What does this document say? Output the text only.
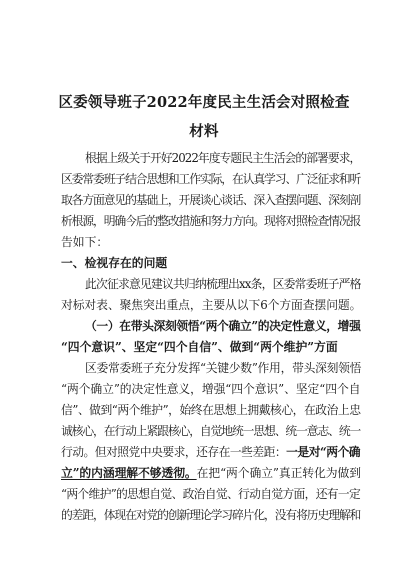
区委领导班子2022年度民主生活会对照检查
材料
根据上级关于开好2022年度专题民主生活会的部署要求，
区委常委班子结合思想和工作实际，在认真学习、广泛征求和听
取各方面意见的基础上，开展谈心谈话、深入查摆问题、深刻剖
析根源，明确今后的整改措施和努力方向。现将对照检查情况报
告如下：
一、检视存在的问题
此次征求意见建议共归纳梳理出xx条，区委常委班子严格
对标对表、聚焦突出重点，主要从以下6个方面查摆问题。
（一）在带头深刻领悟“两个确立”的决定性意义，增强
“四个意识”、坚定“四个自信”、做到“两个维护”方面
区委常委班子充分发挥“关键少数”作用，带头深刻领悟
“两个确立”的决定性意义，增强“四个意识”、坚定“四个自
信”、做到“两个维护”，始终在思想上拥戴核心，在政治上忠
诚核心，在行动上紧跟核心，自觉地统一思想、统一意志、统一
行动。但对照党中央要求，还存在一些差距：一是对“两个确
立”的内涵理解不够透彻。在把“两个确立”真正转化为做到
“两个维护”的思想自觉、政治自觉、行动自觉方面，还有一定
的差距，体现在对党的创新理论学习碎片化，没有将历史理解和
